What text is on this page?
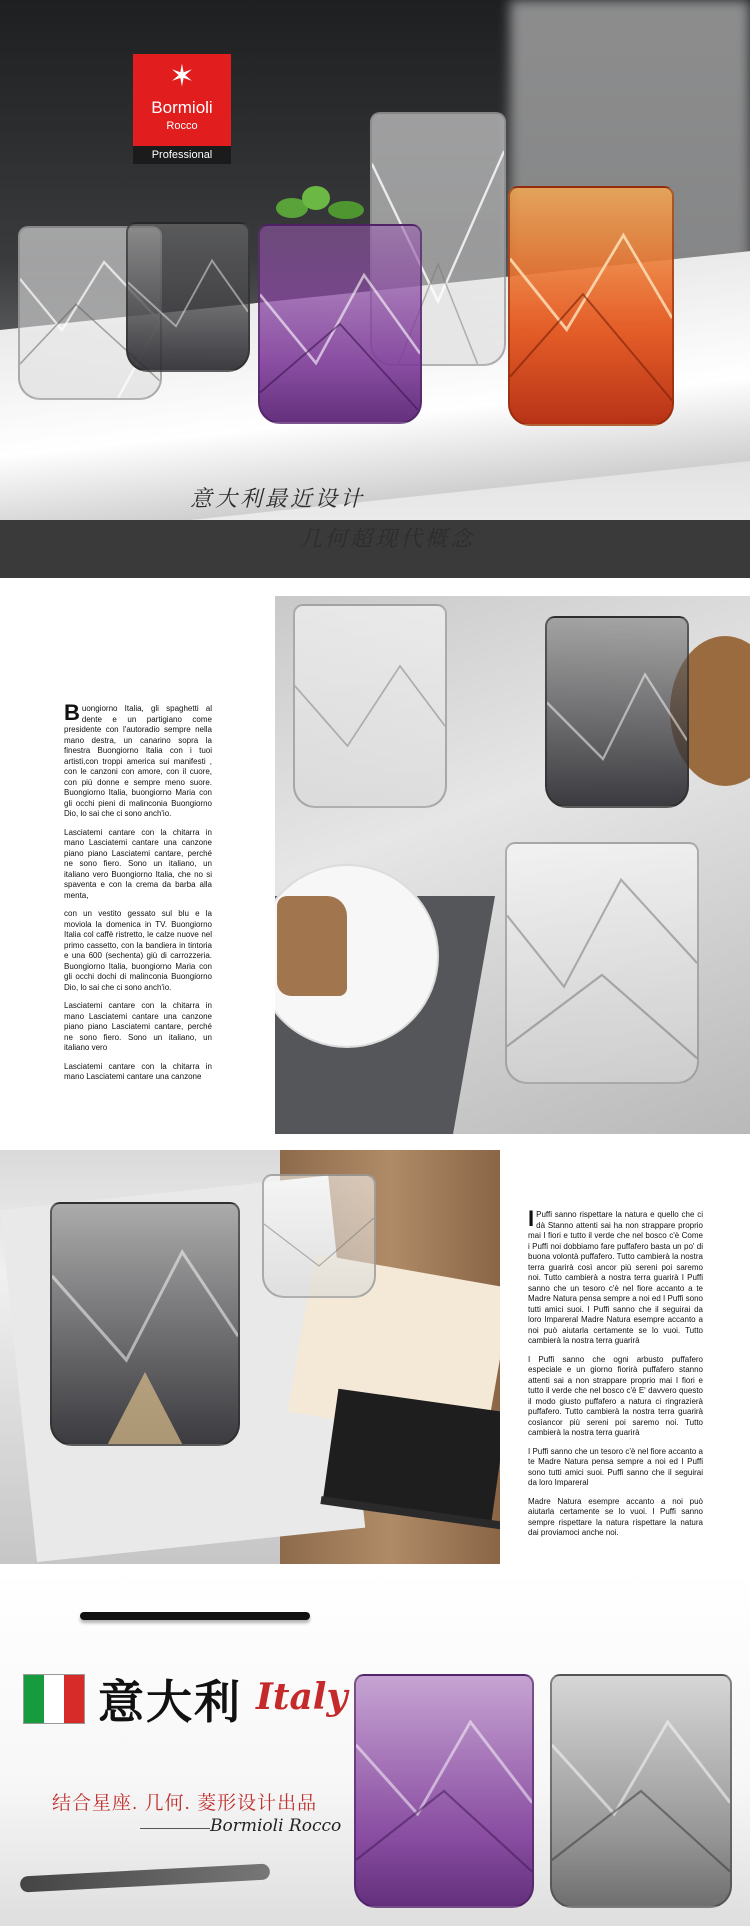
✶
Bormioli
Rocco
Professional
意大利最近设计
几何超现代概念
B uongiorno Italia, gli spaghetti al dente e un partigiano come presidente con l'autoradio sempre nella mano destra, un canarino sopra la finestra Buongiorno Italia con i tuoi artisti,con troppi america sui manifesti , con le canzoni con amore, con il cuore, con più donne e sempre meno suore. Buongiorno Italia, buongiorno Maria con gli occhi pieni di malinconia Buongiorno Dio, lo sai che ci sono anch'io.

Lasciatemi cantare con la chitarra in mano Lasciatemi cantare una canzone piano piano Lasciatemi cantare, perché ne sono fiero. Sono un italiano, un italiano vero Buongiorno Italia, che no si spaventa e con la crema da barba alla menta,

con un vestito gessato sul blu e la moviola la domenica in TV. Buongiorno Italia col caffè ristretto, le calze nuove nel primo cassetto, con la bandiera in tintoria e una 600 (sechenta) giù di carrozzeria. Buongiorno Italia, buongiorno Maria con gli occhi dochi di malinconia Buongiorno Dio, lo sai che ci sono anch'io.

Lasciatemi cantare con la chitarra in mano Lasciatemi cantare una canzone piano piano Lasciatemi cantare, perché ne sono fiero. Sono un italiano, un italiano vero

Lasciatemi cantare con la chitarra in mano Lasciatemi cantare una canzone

I Puffi sanno rispettare la natura e quello che ci dà Stanno attenti sai ha non strappare proprio mai I fiori e tutto il verde che nel bosco c'è Come i Puffi noi dobbiamo fare puffafero basta un po' di buona volontà puffafero. Tutto cambierà la nostra terra guarirà così ancor più sereni poi saremo noi. Tutto cambierà a nostra terra guarirà I Puffi sanno che un tesoro c'è nel fiore accanto a te Madre Natura pensa sempre a noi ed I Puffi sono tutti amici suoi. I Puffi sanno che il seguirai da loro Impareral Madre Natura esempre accanto a noi può aiutarla certamente se lo vuoi. Tutto cambierà la nostra terra guarirà

I Puffi sanno che ogni arbusto puffafero especiale e un giorno fiorirà puffafero stanno attenti sai a non strappare proprio mai I fiori e tutto il verde che nel bosco c'è E' davvero questo il modo giusto puffafero a natura ci ringrazierà puffafero. Tutto cambierà la nostra terra guarirà cosìancor più sereni poi saremo noi. Tutto cambierà la nostra terra guarirà

I Puffi sanno che un tesoro c'è nel fiore accanto a te Madre Natura pensa sempre a noi ed I Puffi sono tutti amici suoi. Puffi sanno che il seguirai da loro Impareral

Madre Natura esempre accanto a noi può aiutarla certamente se lo vuoi. I Puffi sanno sempre rispettare la natura rispettare la natura dai proviamoci anche noi.

意大利 Italy
结合星座. 几何. 菱形设计出品
Bormioli Rocco
